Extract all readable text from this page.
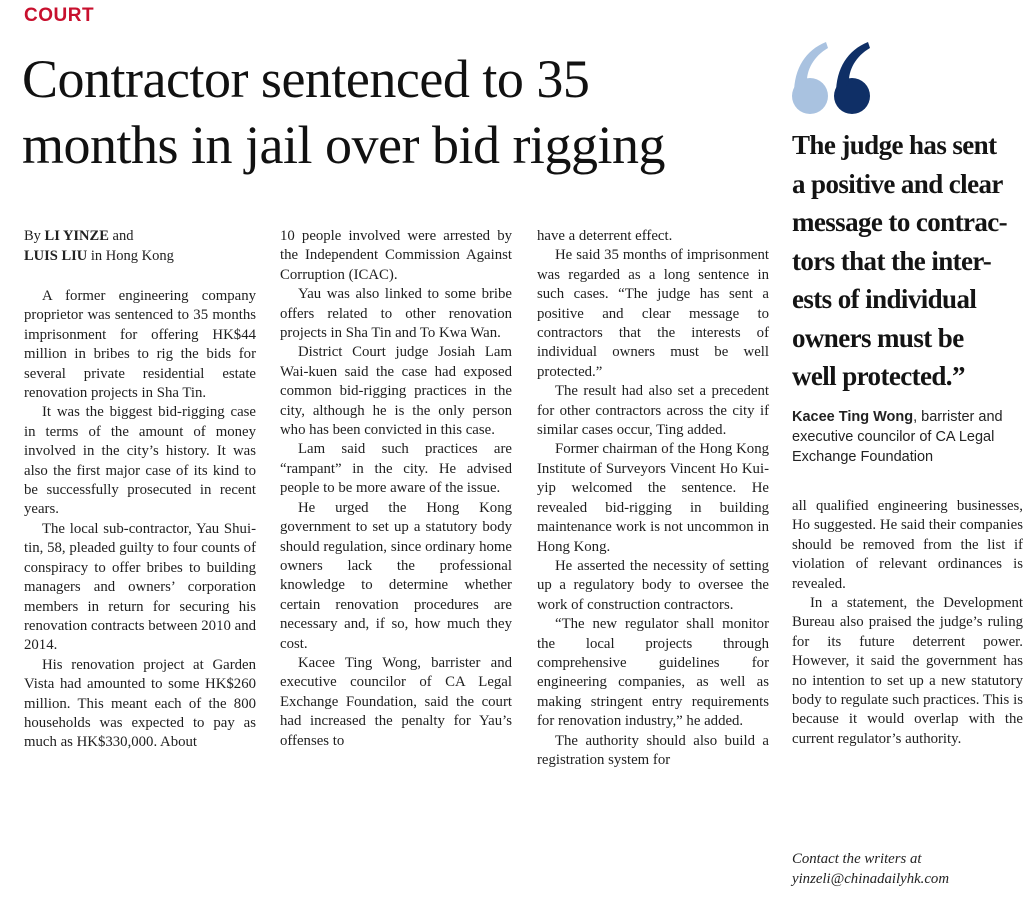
COURT
Contractor sentenced to 35
months in jail over bid rigging
By LI YINZE and
LUIS LIU in Hong Kong

A former engineering company proprietor was sentenced to 35 months imprisonment for offering HK$44 million in bribes to rig the bids for several private residential estate renovation projects in Sha Tin.

It was the biggest bid-rigging case in terms of the amount of money involved in the city’s history. It was also the first major case of its kind to be successfully prosecuted in recent years.

The local sub-contractor, Yau Shui-tin, 58, pleaded guilty to four counts of conspiracy to offer bribes to building managers and owners’ corporation members in return for securing his renovation contracts between 2010 and 2014.

His renovation project at Garden Vista had amounted to some HK$260 million. This meant each of the 800 households was expected to pay as much as HK$330,000. About

10 people involved were arrested by the Independent Commission Against Corruption (ICAC).

Yau was also linked to some bribe offers related to other renovation projects in Sha Tin and To Kwa Wan.

District Court judge Josiah Lam Wai-kuen said the case had exposed common bid-rigging practices in the city, although he is the only person who has been convicted in this case.

Lam said such practices are “rampant” in the city. He advised people to be more aware of the issue.

He urged the Hong Kong government to set up a statutory body should regulation, since ordinary home owners lack the professional knowledge to determine whether certain renovation procedures are necessary and, if so, how much they cost.

Kacee Ting Wong, barrister and executive councilor of CA Legal Exchange Foundation, said the court had increased the penalty for Yau’s offenses to

have a deterrent effect.

He said 35 months of imprisonment was regarded as a long sentence in such cases. “The judge has sent a positive and clear message to contractors that the interests of individual owners must be well protected.”

The result had also set a precedent for other contractors across the city if similar cases occur, Ting added.

Former chairman of the Hong Kong Institute of Surveyors Vincent Ho Kui-yip welcomed the sentence. He revealed bid-rigging in building maintenance work is not uncommon in Hong Kong.

He asserted the necessity of setting up a regulatory body to oversee the work of construction contractors.

“The new regulator shall monitor the local projects through comprehensive guidelines for engineering companies, as well as making stringent entry requirements for renovation industry,” he added.

The authority should also build a registration system for

The judge has sent
a positive and clear
message to contrac-
tors that the inter-
ests of individual
owners must be
well protected.”
Kacee Ting Wong, barrister and
executive councilor of CA Legal
Exchange Foundation

all qualified engineering businesses, Ho suggested. He said their companies should be removed from the list if violation of relevant ordinances is revealed.

In a statement, the Development Bureau also praised the judge’s ruling for its future deterrent power. However, it said the government has no intention to set up a new statutory body to regulate such practices. This is because it would overlap with the current regulator’s authority.

Contact the writers at
yinzeli@chinadailyhk.com
